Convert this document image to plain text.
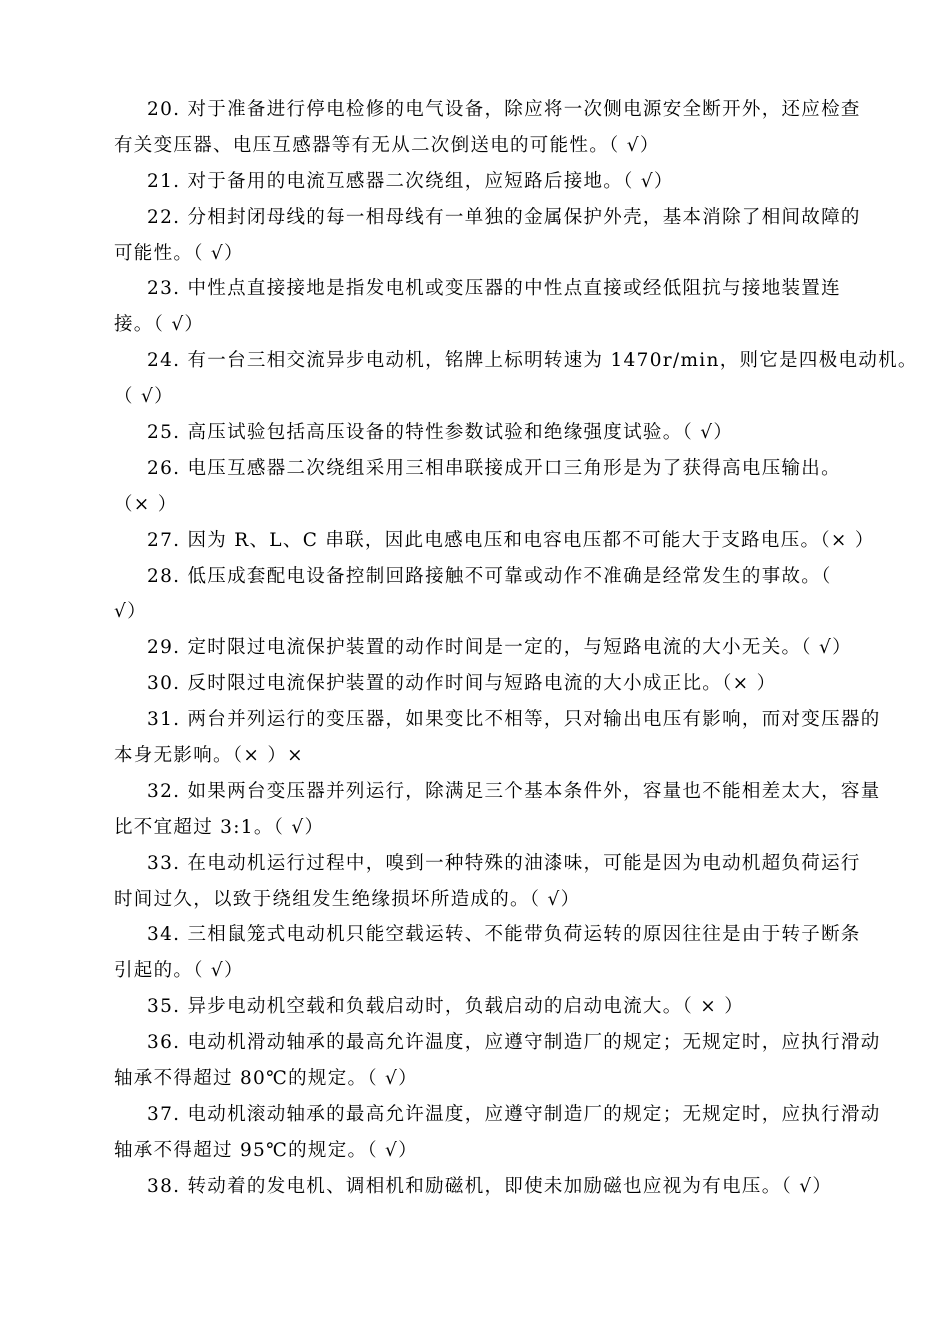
20. 对于准备进行停电检修的电气设备，除应将一次侧电源安全断开外，还应检查
有关变压器、电压互感器等有无从二次倒送电的可能性。（ √）
21. 对于备用的电流互感器二次绕组，应短路后接地。（ √）
22. 分相封闭母线的每一相母线有一单独的金属保护外壳，基本消除了相间故障的
可能性。（ √）
23. 中性点直接接地是指发电机或变压器的中性点直接或经低阻抗与接地装置连
接。（ √）
24. 有一台三相交流异步电动机，铭牌上标明转速为 1470r/min，则它是四极电动机。
（ √）
25. 高压试验包括高压设备的特性参数试验和绝缘强度试验。（ √）
26. 电压互感器二次绕组采用三相串联接成开口三角形是为了获得高电压输出。
（× ）
27. 因为 R、L、C 串联，因此电感电压和电容电压都不可能大于支路电压。（× ）
28. 低压成套配电设备控制回路接触不可靠或动作不准确是经常发生的事故。（
√）
29. 定时限过电流保护装置的动作时间是一定的，与短路电流的大小无关。（ √）
30. 反时限过电流保护装置的动作时间与短路电流的大小成正比。（× ）
31. 两台并列运行的变压器，如果变比不相等，只对输出电压有影响，而对变压器的
本身无影响。（× ）×
32. 如果两台变压器并列运行，除满足三个基本条件外，容量也不能相差太大，容量
比不宜超过 3:1。（ √）
33. 在电动机运行过程中，嗅到一种特殊的油漆味，可能是因为电动机超负荷运行
时间过久，以致于绕组发生绝缘损坏所造成的。（ √）
34. 三相鼠笼式电动机只能空载运转、不能带负荷运转的原因往往是由于转子断条
引起的。（ √）
35. 异步电动机空载和负载启动时，负载启动的启动电流大。（ × ）
36. 电动机滑动轴承的最高允许温度，应遵守制造厂的规定；无规定时，应执行滑动
轴承不得超过 80℃的规定。（ √）
37. 电动机滚动轴承的最高允许温度，应遵守制造厂的规定；无规定时，应执行滑动
轴承不得超过 95℃的规定。（ √）
38. 转动着的发电机、调相机和励磁机，即使未加励磁也应视为有电压。（ √）
